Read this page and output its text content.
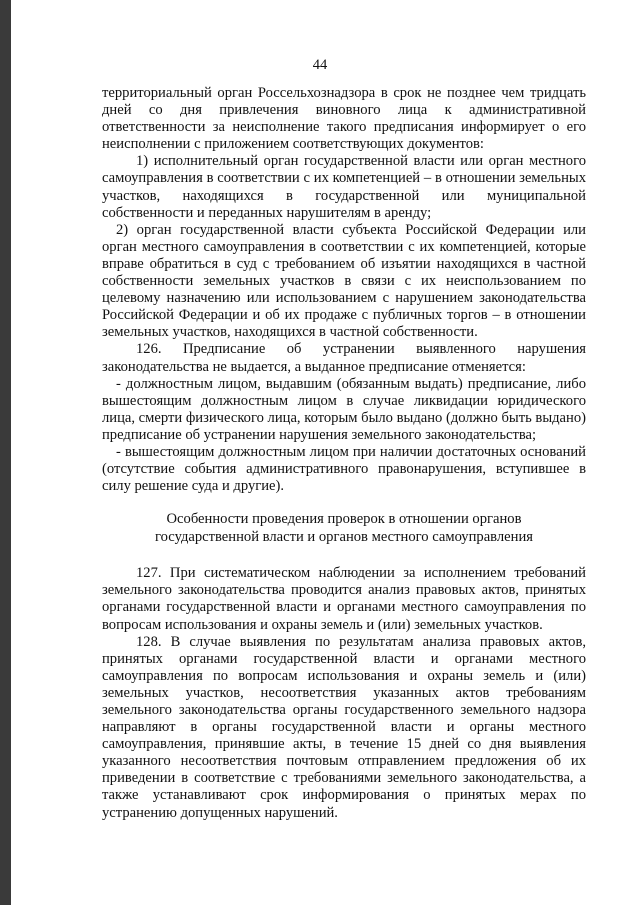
44

территориальный орган Россельхознадзора в срок не позднее чем тридцать дней со дня привлечения виновного лица к административной ответственности за неисполнение такого предписания информирует о его неисполнении с приложением соответствующих документов:

1) исполнительный орган государственной власти или орган местного самоуправления в соответствии с их компетенцией – в отношении земельных участков, находящихся в государственной или муниципальной собственности и переданных нарушителям в аренду;

2) орган государственной власти субъекта Российской Федерации или орган местного самоуправления в соответствии с их компетенцией, которые вправе обратиться в суд с требованием об изъятии находящихся в частной собственности земельных участков в связи с их неиспользованием по целевому назначению или использованием с нарушением законодательства Российской Федерации и об их продаже с публичных торгов – в отношении земельных участков, находящихся в частной собственности.

126. Предписание об устранении выявленного нарушения законодательства не выдается, а выданное предписание отменяется:

- должностным лицом, выдавшим (обязанным выдать) предписание, либо вышестоящим должностным лицом в случае ликвидации юридического лица, смерти физического лица, которым было выдано (должно быть выдано) предписание об устранении нарушения земельного законодательства;

- вышестоящим должностным лицом при наличии достаточных оснований (отсутствие события административного правонарушения, вступившее в силу решение суда и другие).

Особенности проведения проверок в отношении органов
государственной власти и органов местного самоуправления

127. При систематическом наблюдении за исполнением требований земельного законодательства проводится анализ правовых актов, принятых органами государственной власти и органами местного самоуправления по вопросам использования и охраны земель и (или) земельных участков.

128. В случае выявления по результатам анализа правовых актов, принятых органами государственной власти и органами местного самоуправления по вопросам использования и охраны земель и (или) земельных участков, несоответствия указанных актов требованиям земельного законодательства органы государственного земельного надзора направляют в органы государственной власти и органы местного самоуправления, принявшие акты, в течение 15 дней со дня выявления указанного несоответствия почтовым отправлением предложения об их приведении в соответствие с требованиями земельного законодательства, а также устанавливают срок информирования о принятых мерах по устранению допущенных нарушений.
